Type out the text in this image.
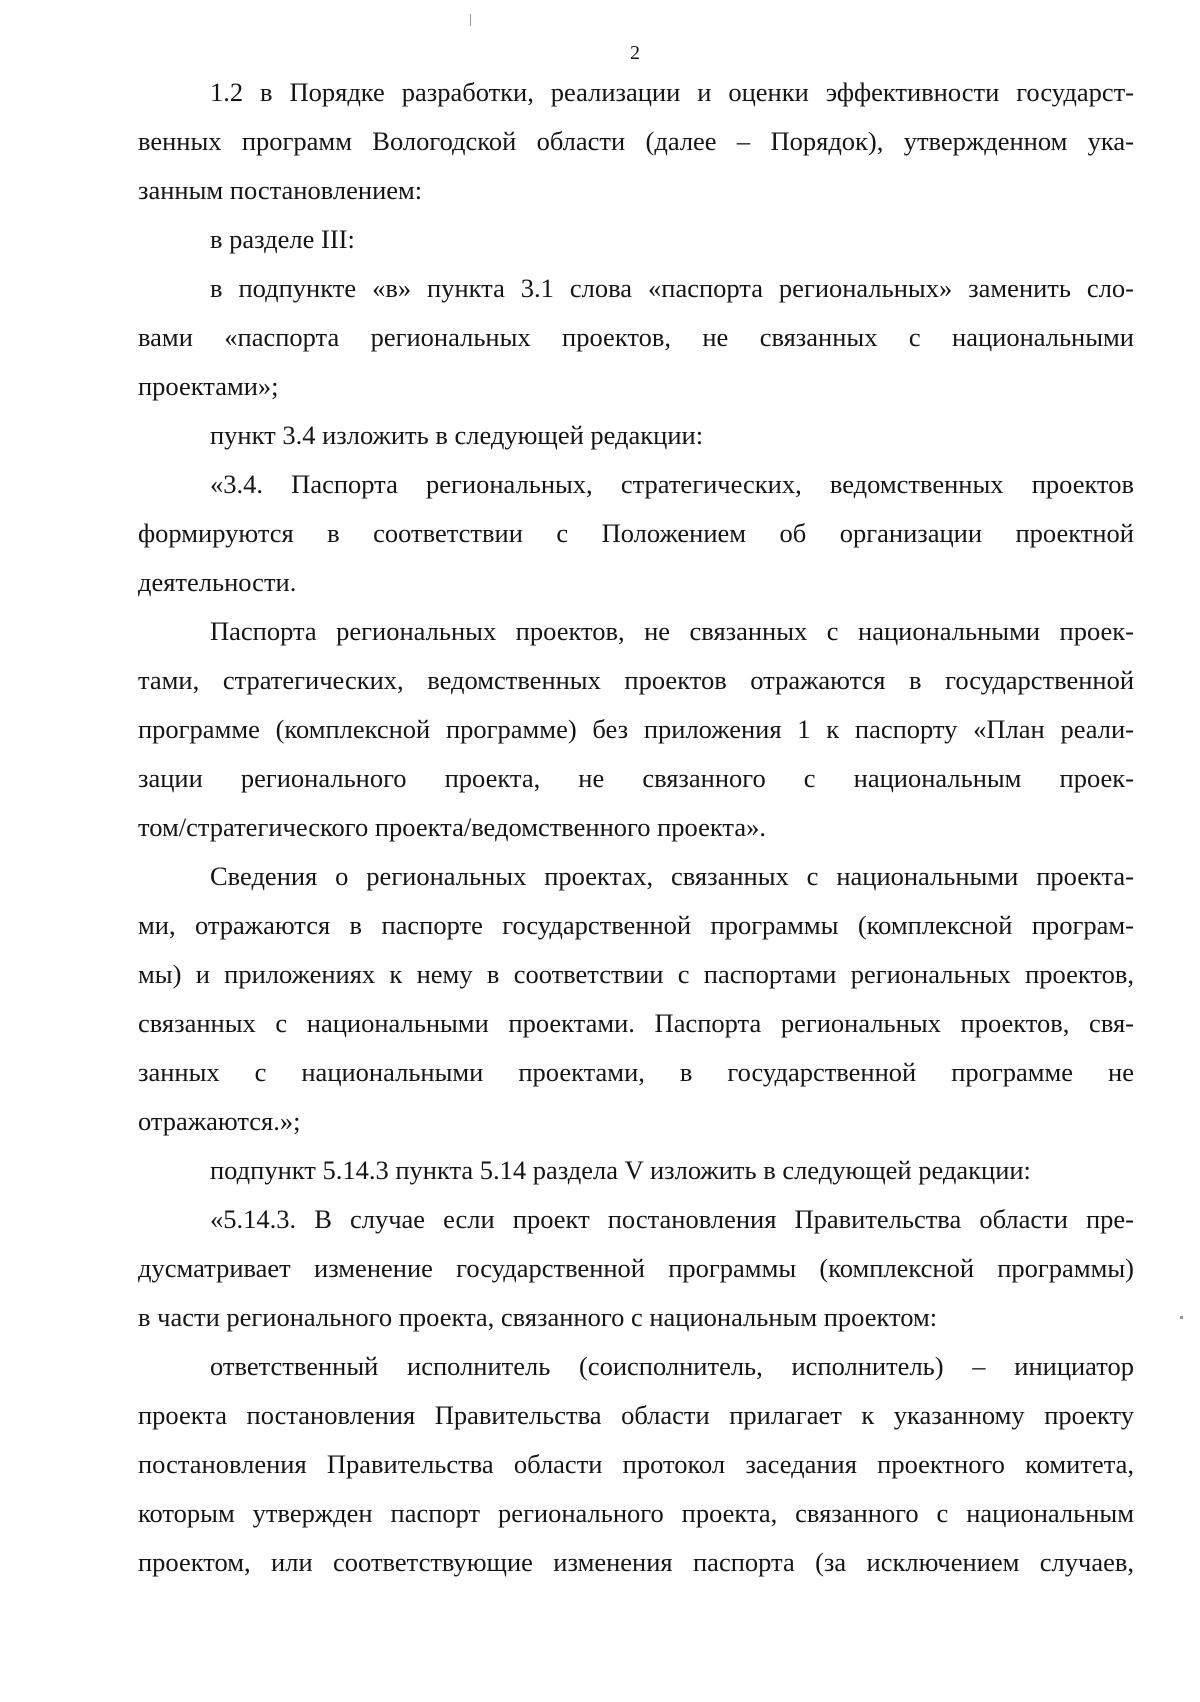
2
1.2 в Порядке разработки, реализации и оценки эффективности государст-
венных программ Вологодской области (далее – Порядок), утвержденном ука-
занным постановлением:
в разделе III:
в подпункте «в» пункта 3.1 слова «паспорта региональных» заменить сло-
вами «паспорта региональных проектов, не связанных с национальными
проектами»;
пункт 3.4 изложить в следующей редакции:
«3.4. Паспорта региональных, стратегических, ведомственных проектов
формируются в соответствии с Положением об организации проектной
деятельности.
Паспорта региональных проектов, не связанных с национальными проек-
тами, стратегических, ведомственных проектов отражаются в государственной
программе (комплексной программе) без приложения 1 к паспорту «План реали-
зации регионального проекта, не связанного с национальным проек-
том/стратегического проекта/ведомственного проекта».
Сведения о региональных проектах, связанных с национальными проекта-
ми, отражаются в паспорте государственной программы (комплексной програм-
мы) и приложениях к нему в соответствии с паспортами региональных проектов,
связанных с национальными проектами. Паспорта региональных проектов, свя-
занных с национальными проектами, в государственной программе не
отражаются.»;
подпункт 5.14.3 пункта 5.14 раздела V изложить в следующей редакции:
«5.14.3. В случае если проект постановления Правительства области пре-
дусматривает изменение государственной программы (комплексной программы)
в части регионального проекта, связанного с национальным проектом:
ответственный исполнитель (соисполнитель, исполнитель) – инициатор
проекта постановления Правительства области прилагает к указанному проекту
постановления Правительства области протокол заседания проектного комитета,
которым утвержден паспорт регионального проекта, связанного с национальным
проектом, или соответствующие изменения паспорта (за исключением случаев,
